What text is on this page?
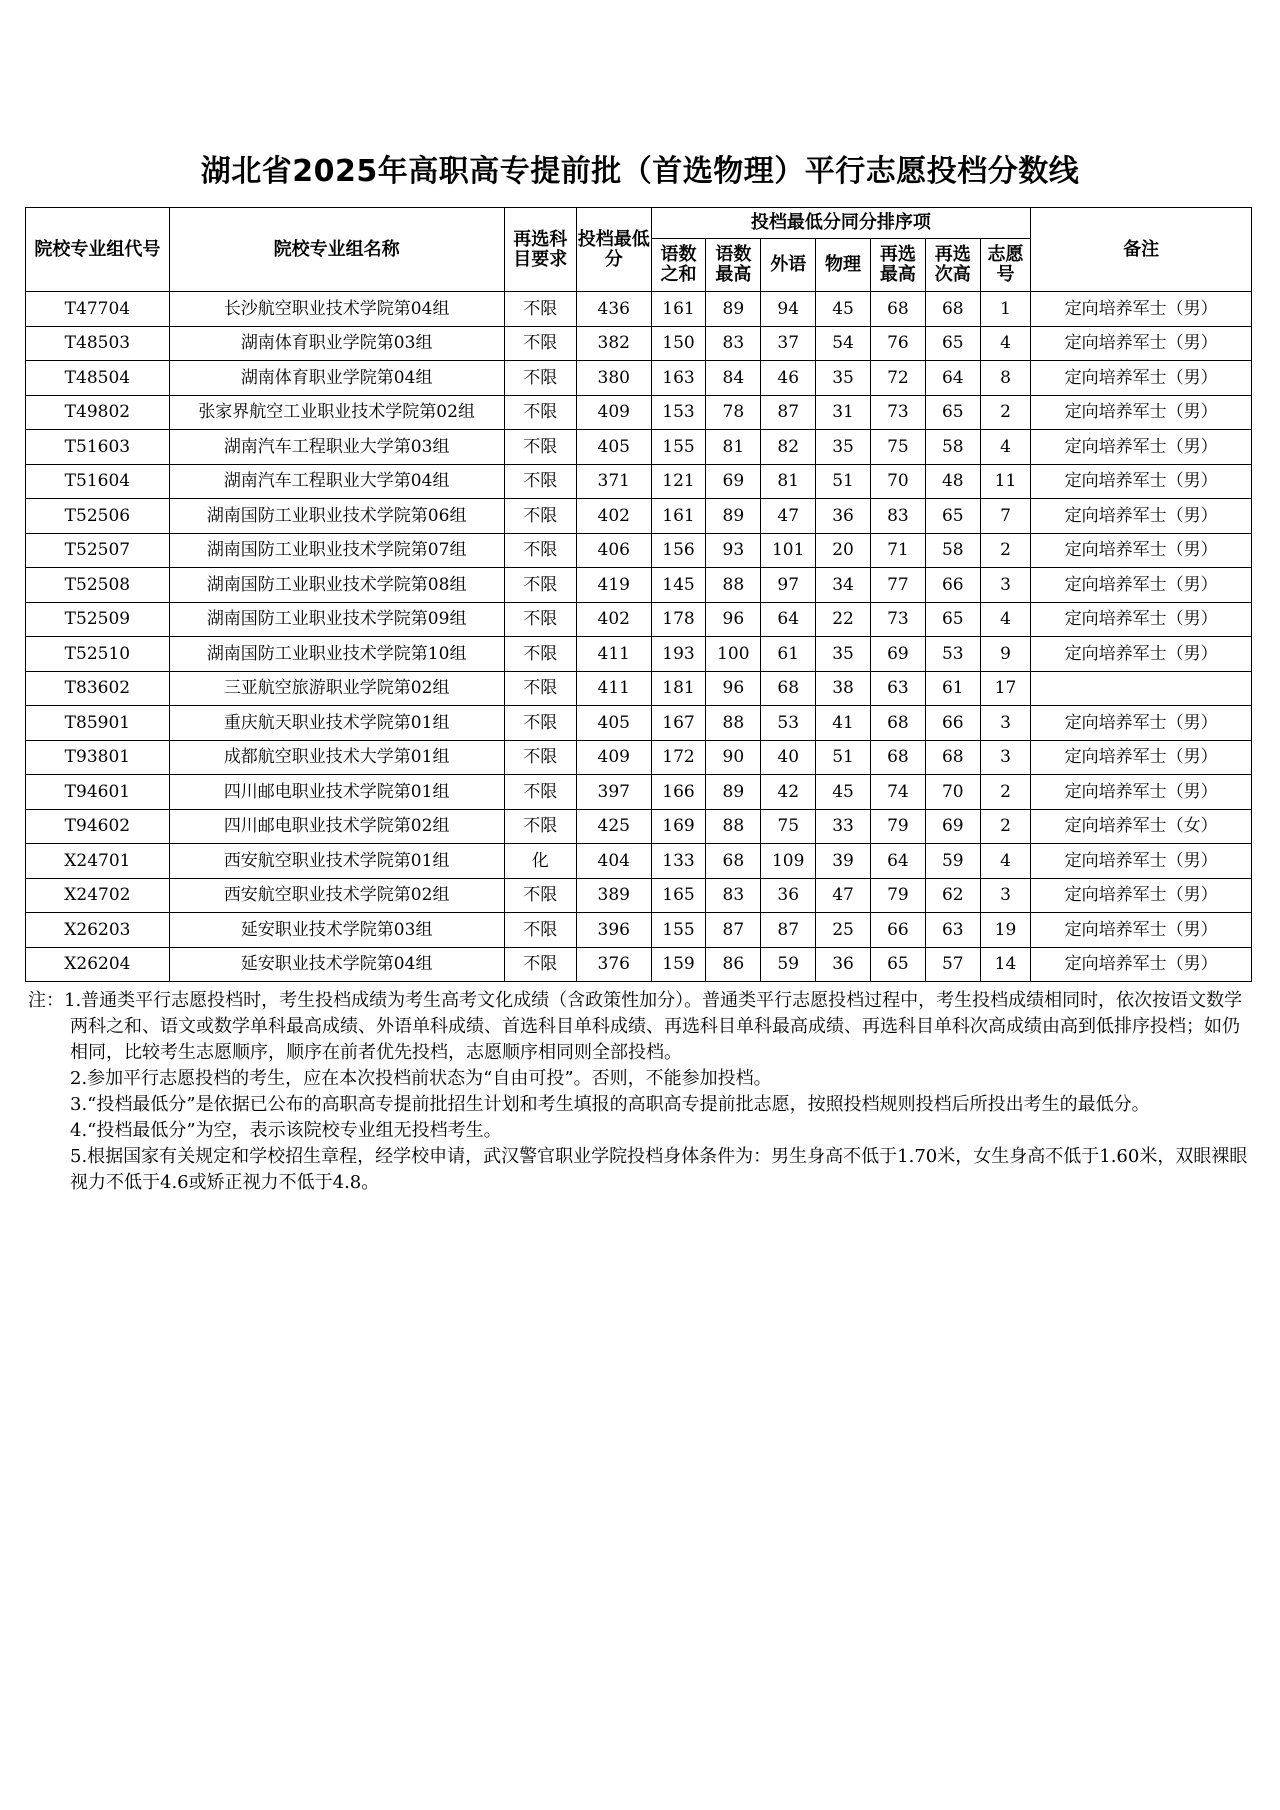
湖北省2025年高职高专提前批（首选物理）平行志愿投档分数线
院校专业组代号	院校专业组名称	再选科目要求	投档最低分	投档最低分同分排序项							备注
				语数之和	语数最高	外语	物理	再选最高	再选次高	志愿号	
T47704	长沙航空职业技术学院第04组	不限	436	161	89	94	45	68	68	1	定向培养军士（男）
T48503	湖南体育职业学院第03组	不限	382	150	83	37	54	76	65	4	定向培养军士（男）
T48504	湖南体育职业学院第04组	不限	380	163	84	46	35	72	64	8	定向培养军士（男）
T49802	张家界航空工业职业技术学院第02组	不限	409	153	78	87	31	73	65	2	定向培养军士（男）
T51603	湖南汽车工程职业大学第03组	不限	405	155	81	82	35	75	58	4	定向培养军士（男）
T51604	湖南汽车工程职业大学第04组	不限	371	121	69	81	51	70	48	11	定向培养军士（男）
T52506	湖南国防工业职业技术学院第06组	不限	402	161	89	47	36	83	65	7	定向培养军士（男）
T52507	湖南国防工业职业技术学院第07组	不限	406	156	93	101	20	71	58	2	定向培养军士（男）
T52508	湖南国防工业职业技术学院第08组	不限	419	145	88	97	34	77	66	3	定向培养军士（男）
T52509	湖南国防工业职业技术学院第09组	不限	402	178	96	64	22	73	65	4	定向培养军士（男）
T52510	湖南国防工业职业技术学院第10组	不限	411	193	100	61	35	69	53	9	定向培养军士（男）
T83602	三亚航空旅游职业学院第02组	不限	411	181	96	68	38	63	61	17	
T85901	重庆航天职业技术学院第01组	不限	405	167	88	53	41	68	66	3	定向培养军士（男）
T93801	成都航空职业技术大学第01组	不限	409	172	90	40	51	68	68	3	定向培养军士（男）
T94601	四川邮电职业技术学院第01组	不限	397	166	89	42	45	74	70	2	定向培养军士（男）
T94602	四川邮电职业技术学院第02组	不限	425	169	88	75	33	79	69	2	定向培养军士（女）
X24701	西安航空职业技术学院第01组	化	404	133	68	109	39	64	59	4	定向培养军士（男）
X24702	西安航空职业技术学院第02组	不限	389	165	83	36	47	79	62	3	定向培养军士（男）
X26203	延安职业技术学院第03组	不限	396	155	87	87	25	66	63	19	定向培养军士（男）
X26204	延安职业技术学院第04组	不限	376	159	86	59	36	65	57	14	定向培养军士（男）

注：1.普通类平行志愿投档时，考生投档成绩为考生高考文化成绩（含政策性加分）。普通类平行志愿投档过程中，考生投档成绩相同时，依次按语文数学两科之和、语文或数学单科最高成绩、外语单科成绩、首选科目单科成绩、再选科目单科最高成绩、再选科目单科次高成绩由高到低排序投档；如仍相同，比较考生志愿顺序，顺序在前者优先投档，志愿顺序相同则全部投档。

2.参加平行志愿投档的考生，应在本次投档前状态为“自由可投”。否则，不能参加投档。

3.“投档最低分”是依据已公布的高职高专提前批招生计划和考生填报的高职高专提前批志愿，按照投档规则投档后所投出考生的最低分。

4.“投档最低分”为空，表示该院校专业组无投档考生。

5.根据国家有关规定和学校招生章程，经学校申请，武汉警官职业学院投档身体条件为：男生身高不低于1.70米，女生身高不低于1.60米，双眼裸眼视力不低于4.6或矫正视力不低于4.8。
